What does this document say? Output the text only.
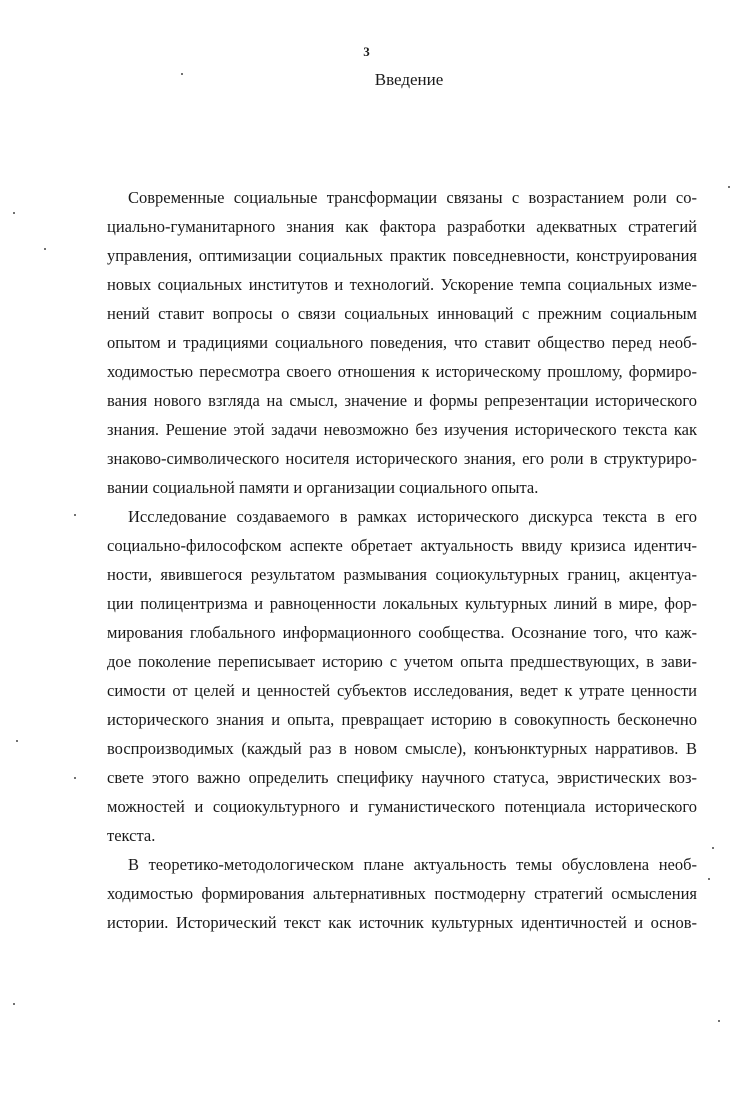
3
Введение
Современные социальные трансформации связаны с возрастанием роли со-
циально-гуманитарного знания как фактора разработки адекватных стратегий
управления, оптимизации социальных практик повседневности, конструирования
новых социальных институтов и технологий. Ускорение темпа социальных изме-
нений ставит вопросы о связи социальных инноваций с прежним социальным
опытом и традициями социального поведения, что ставит общество перед необ-
ходимостью пересмотра своего отношения к историческому прошлому, формиро-
вания нового взгляда на смысл, значение и формы репрезентации исторического
знания. Решение этой задачи невозможно без изучения исторического текста как
знаково-символического носителя исторического знания, его роли в структуриро-
вании социальной памяти и организации социального опыта.
Исследование создаваемого в рамках исторического дискурса текста в его
социально-философском аспекте обретает актуальность ввиду кризиса идентич-
ности, явившегося результатом размывания социокультурных границ, акцентуа-
ции полицентризма и равноценности локальных культурных линий в мире, фор-
мирования глобального информационного сообщества. Осознание того, что каж-
дое поколение переписывает историю с учетом опыта предшествующих, в зави-
симости от целей и ценностей субъектов исследования, ведет к утрате ценности
исторического знания и опыта, превращает историю в совокупность бесконечно
воспроизводимых (каждый раз в новом смысле), конъюнктурных нарративов. В
свете этого важно определить специфику научного статуса, эвристических воз-
можностей и социокультурного и гуманистического потенциала исторического
текста.
В теоретико-методологическом плане актуальность темы обусловлена необ-
ходимостью формирования альтернативных постмодерну стратегий осмысления
истории. Исторический текст как источник культурных идентичностей и основ-
